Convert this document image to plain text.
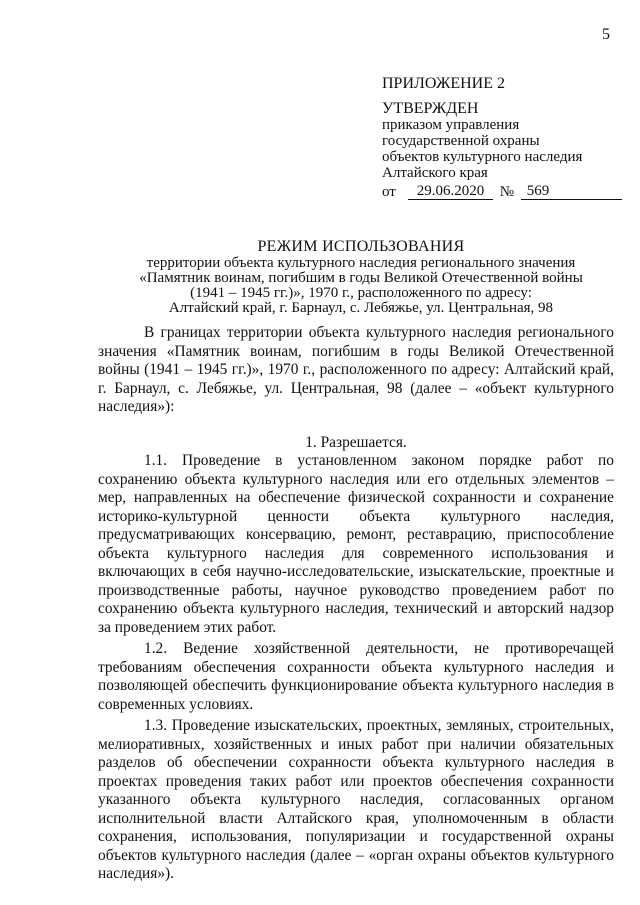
5
ПРИЛОЖЕНИЕ 2
УТВЕРЖДЕН
приказом управления
государственной охраны
объектов культурного наследия
Алтайского края
от	29.06.2020	№ 569
РЕЖИМ ИСПОЛЬЗОВАНИЯ
территории объекта культурного наследия регионального значения
«Памятник воинам, погибшим в годы Великой Отечественной войны
(1941 – 1945 гг.)», 1970 г., расположенного по адресу:
Алтайский край, г. Барнаул, с. Лебяжье, ул. Центральная, 98

В границах территории объекта культурного наследия регионального значения «Памятник воинам, погибшим в годы Великой Отечественной войны (1941 – 1945 гг.)», 1970 г., расположенного по адресу: Алтайский край, г. Барнаул, с. Лебяжье, ул. Центральная, 98 (далее – «объект культурного наследия»):

1. Разрешается.

1.1. Проведение в установленном законом порядке работ по сохранению объекта культурного наследия или его отдельных элементов – мер, направленных на обеспечение физической сохранности и сохранение историко-культурной ценности объекта культурного наследия, предусматривающих консервацию, ремонт, реставрацию, приспособление объекта культурного наследия для современного использования и включающих в себя научно-исследовательские, изыскательские, проектные и производственные работы, научное руководство проведением работ по сохранению объекта культурного наследия, технический и авторский надзор за проведением этих работ.

1.2. Ведение хозяйственной деятельности, не противоречащей требованиям обеспечения сохранности объекта культурного наследия и позволяющей обеспечить функционирование объекта культурного наследия в современных условиях.

1.3. Проведение изыскательских, проектных, земляных, строительных, мелиоративных, хозяйственных и иных работ при наличии обязательных разделов об обеспечении сохранности объекта культурного наследия в проектах проведения таких работ или проектов обеспечения сохранности указанного объекта культурного наследия, согласованных органом исполнительной власти Алтайского края, уполномоченным в области сохранения, использования, популяризации и государственной охраны объектов культурного наследия (далее – «орган охраны объектов культурного наследия»).
